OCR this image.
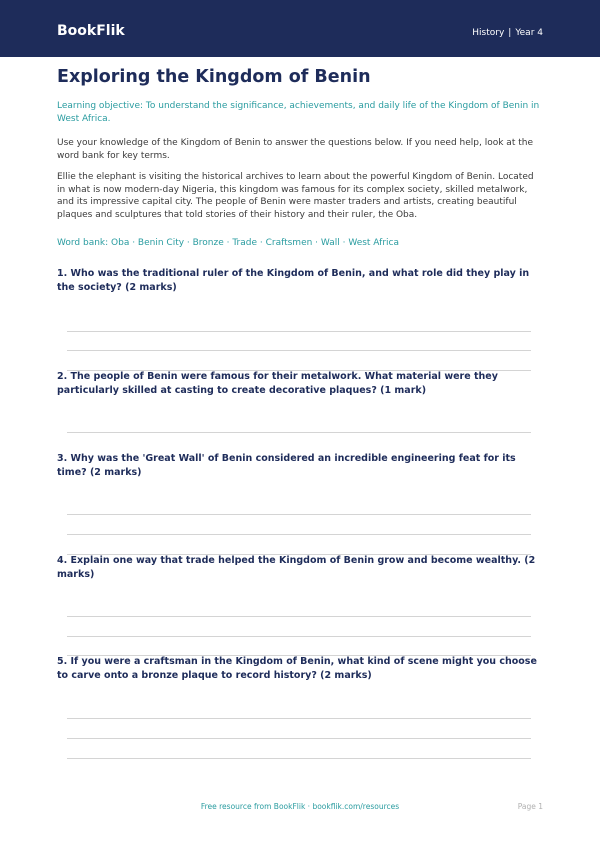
BookFlik	History | Year 4
Exploring the Kingdom of Benin
Learning objective: To understand the significance, achievements, and daily life of the Kingdom of Benin in West Africa.
Use your knowledge of the Kingdom of Benin to answer the questions below. If you need help, look at the word bank for key terms.
Ellie the elephant is visiting the historical archives to learn about the powerful Kingdom of Benin. Located in what is now modern-day Nigeria, this kingdom was famous for its complex society, skilled metalwork, and its impressive capital city. The people of Benin were master traders and artists, creating beautiful plaques and sculptures that told stories of their history and their ruler, the Oba.
Word bank: Oba · Benin City · Bronze · Trade · Craftsmen · Wall · West Africa
1. Who was the traditional ruler of the Kingdom of Benin, and what role did they play in the society? (2 marks)
2. The people of Benin were famous for their metalwork. What material were they particularly skilled at casting to create decorative plaques? (1 mark)
3. Why was the 'Great Wall' of Benin considered an incredible engineering feat for its time? (2 marks)
4. Explain one way that trade helped the Kingdom of Benin grow and become wealthy. (2 marks)
5. If you were a craftsman in the Kingdom of Benin, what kind of scene might you choose to carve onto a bronze plaque to record history? (2 marks)
Free resource from BookFlik · bookflik.com/resources	Page 1
